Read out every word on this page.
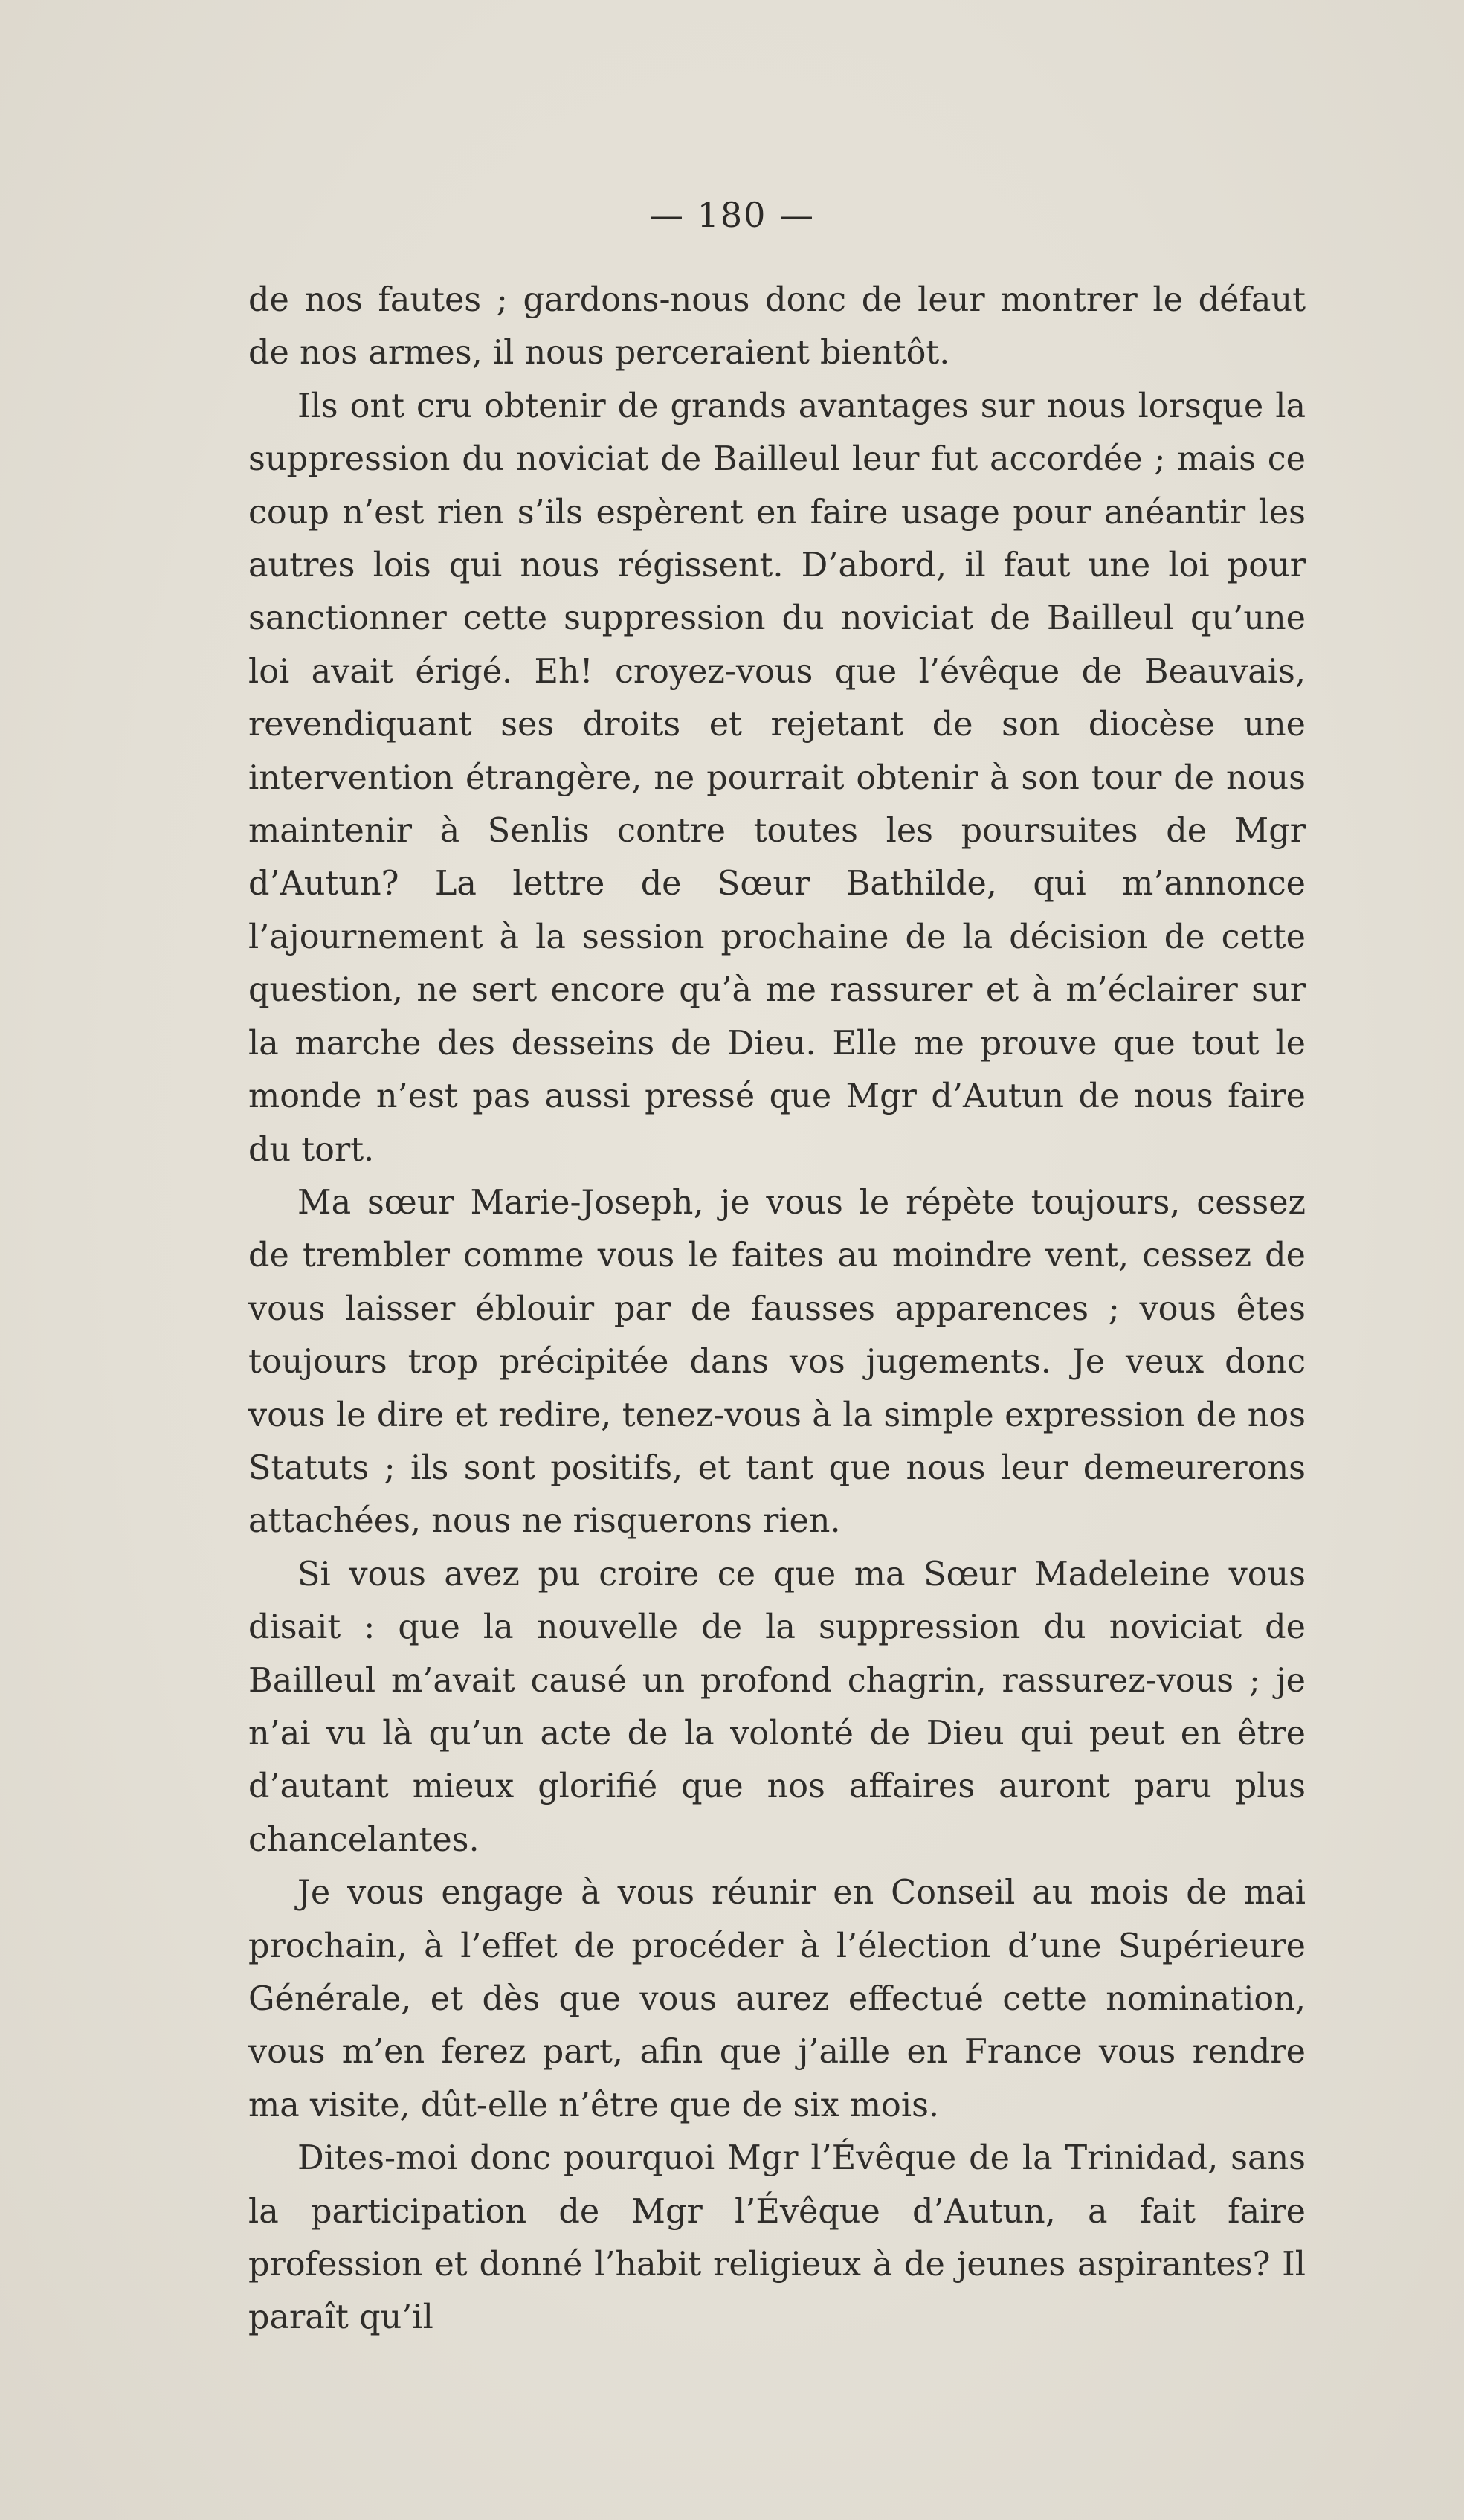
— 180 —

de nos fautes ; gardons-nous donc de leur montrer le défaut de nos armes, il nous perceraient bientôt.

Ils ont cru obtenir de grands avantages sur nous lorsque la suppression du noviciat de Bailleul leur fut accordée ; mais ce coup n’est rien s’ils espèrent en faire usage pour anéantir les autres lois qui nous régissent. D’abord, il faut une loi pour sanctionner cette suppression du noviciat de Bailleul qu’une loi avait érigé. Eh! croyez-vous que l’évêque de Beauvais, revendiquant ses droits et rejetant de son diocèse une intervention étrangère, ne pourrait obtenir à son tour de nous maintenir à Senlis contre toutes les poursuites de Mgr d’Autun? La lettre de Sœur Bathilde, qui m’annonce l’ajournement à la session prochaine de la décision de cette question, ne sert encore qu’à me rassurer et à m’éclairer sur la marche des desseins de Dieu. Elle me prouve que tout le monde n’est pas aussi pressé que Mgr d’Autun de nous faire du tort.

Ma sœur Marie-Joseph, je vous le répète toujours, cessez de trembler comme vous le faites au moindre vent, cessez de vous laisser éblouir par de fausses apparences ; vous êtes toujours trop précipitée dans vos jugements. Je veux donc vous le dire et redire, tenez-vous à la simple expression de nos Statuts ; ils sont positifs, et tant que nous leur demeurerons attachées, nous ne risquerons rien.

Si vous avez pu croire ce que ma Sœur Madeleine vous disait : que la nouvelle de la suppression du noviciat de Bailleul m’avait causé un profond chagrin, rassurez-vous ; je n’ai vu là qu’un acte de la volonté de Dieu qui peut en être d’autant mieux glorifié que nos affaires auront paru plus chancelantes.

Je vous engage à vous réunir en Conseil au mois de mai prochain, à l’effet de procéder à l’élection d’une Supérieure Générale, et dès que vous aurez effectué cette nomination, vous m’en ferez part, afin que j’aille en France vous rendre ma visite, dût-elle n’être que de six mois.

Dites-moi donc pourquoi Mgr l’Évêque de la Trinidad, sans la participation de Mgr l’Évêque d’Autun, a fait faire profession et donné l’habit religieux à de jeunes aspirantes? Il paraît qu’il
